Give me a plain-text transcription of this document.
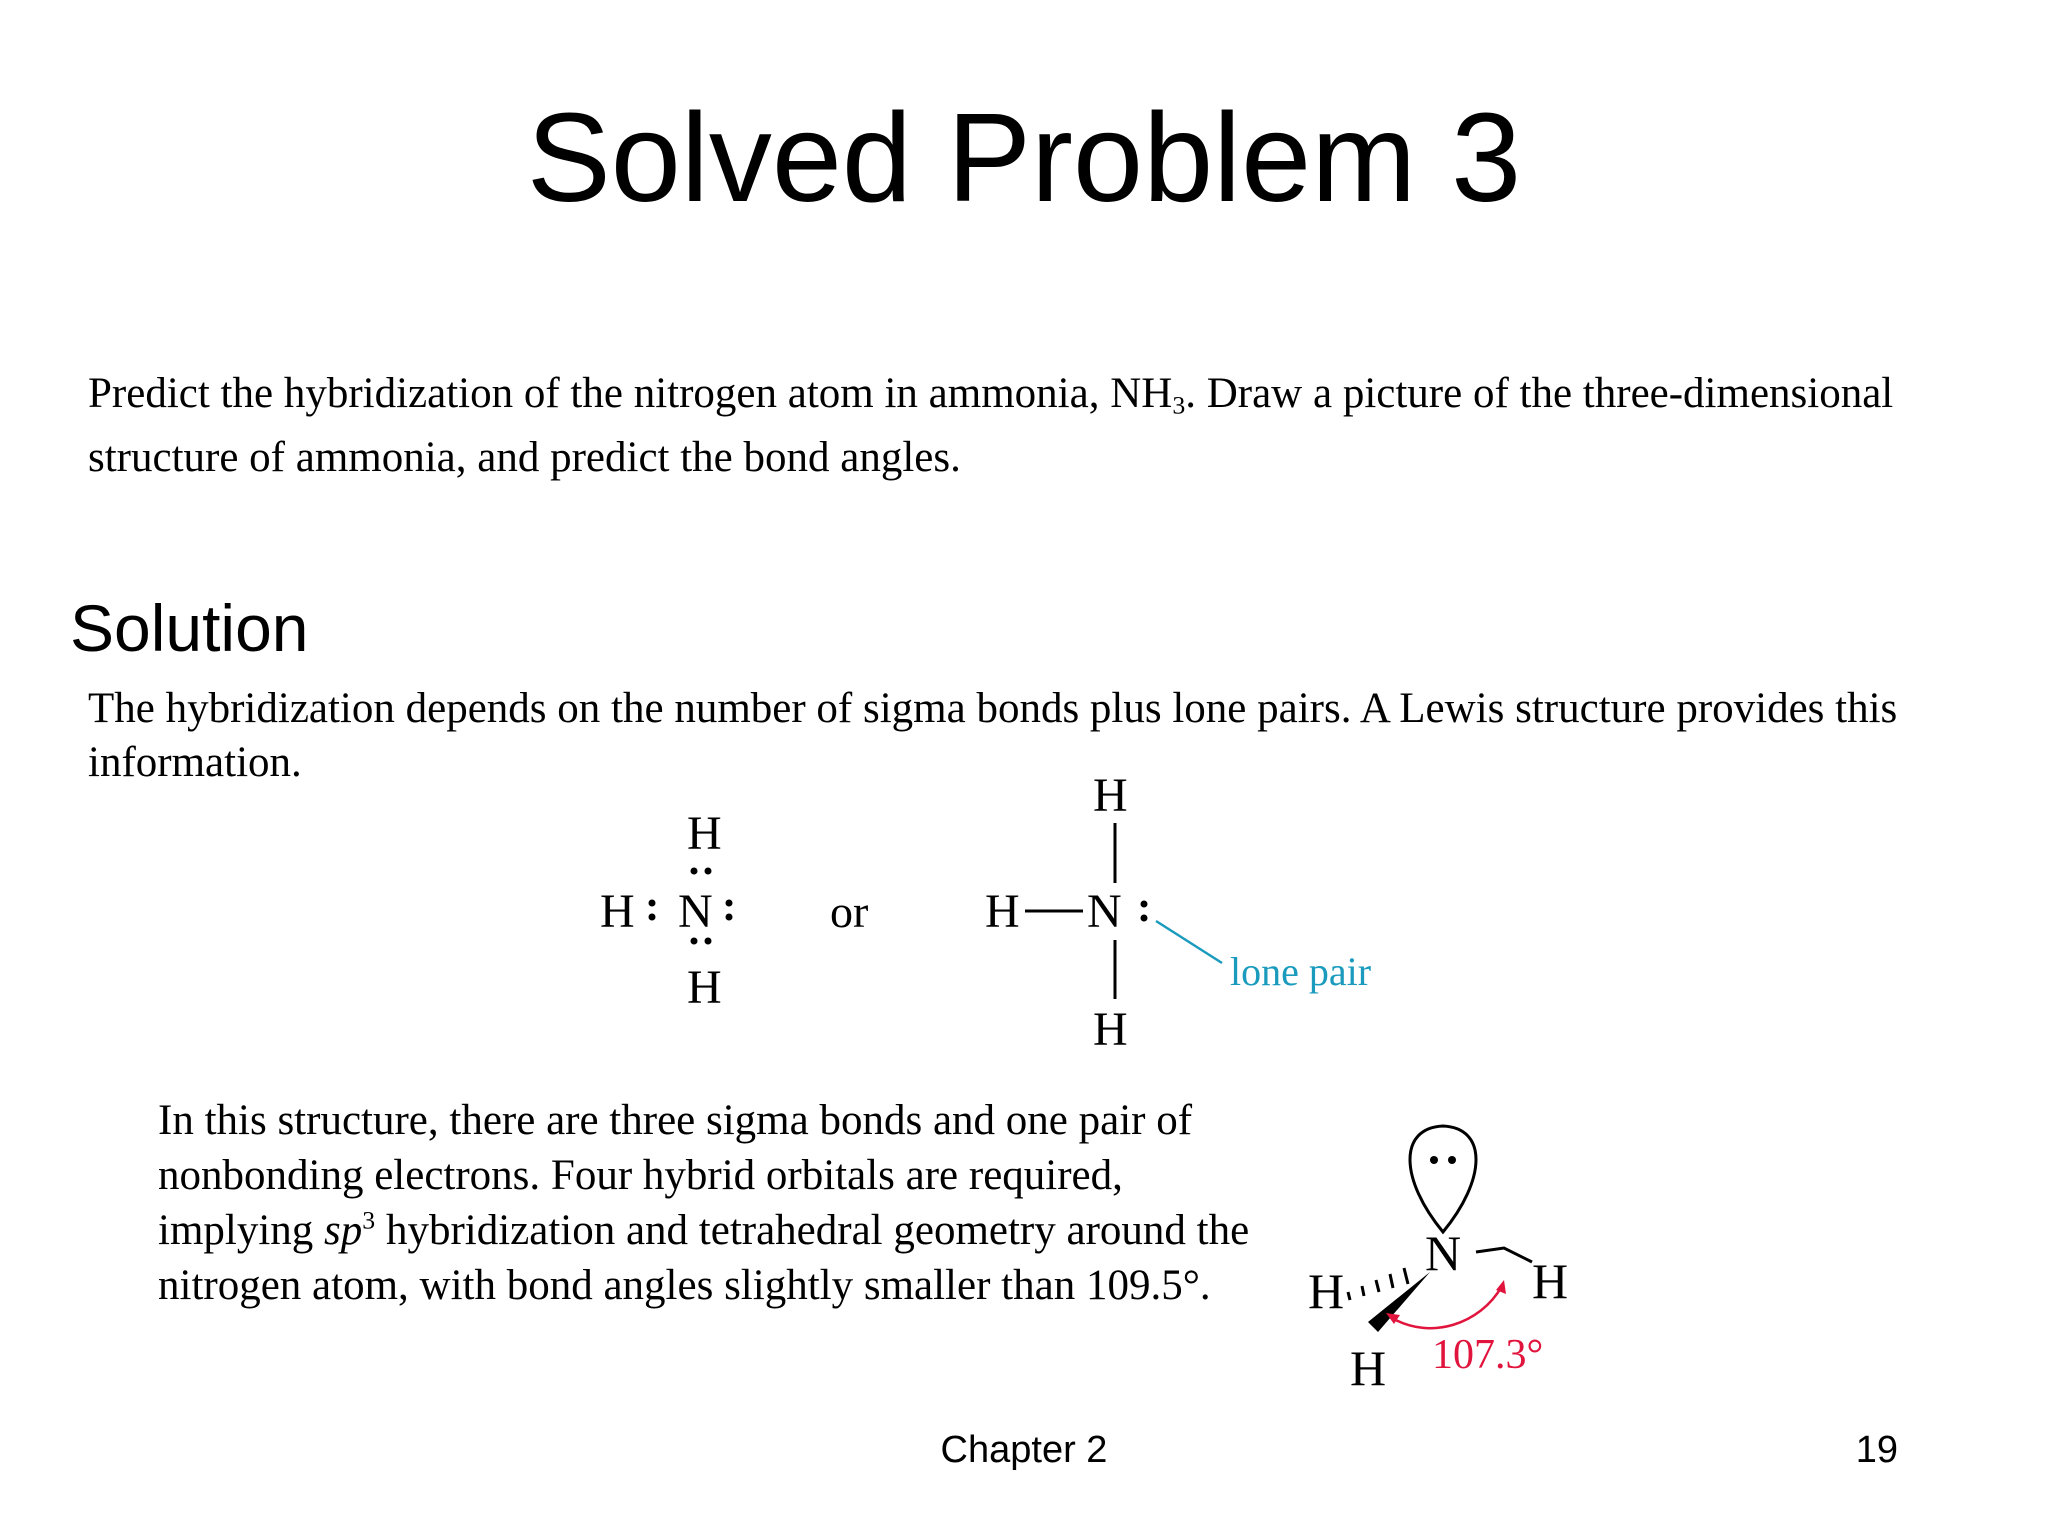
Solved Problem 3

Predict the hybridization of the nitrogen atom in ammonia, $NH_3$. Draw a picture of the three-dimensional structure of ammonia, and predict the bond angles.

Solution

The hybridization depends on the number of sigma bonds plus lone pairs. A Lewis structure provides this information.

H
H N
H
or
H
H N
H
lone pair

In this structure, there are three sigma bonds and one pair of nonbonding electrons. Four hybrid orbitals are required, implying $sp^3$ hybridization and tetrahedral geometry around the nitrogen atom, with bond angles slightly smaller than 109.5°.

N
H	H
H 107.3°
Chapter 2	19
